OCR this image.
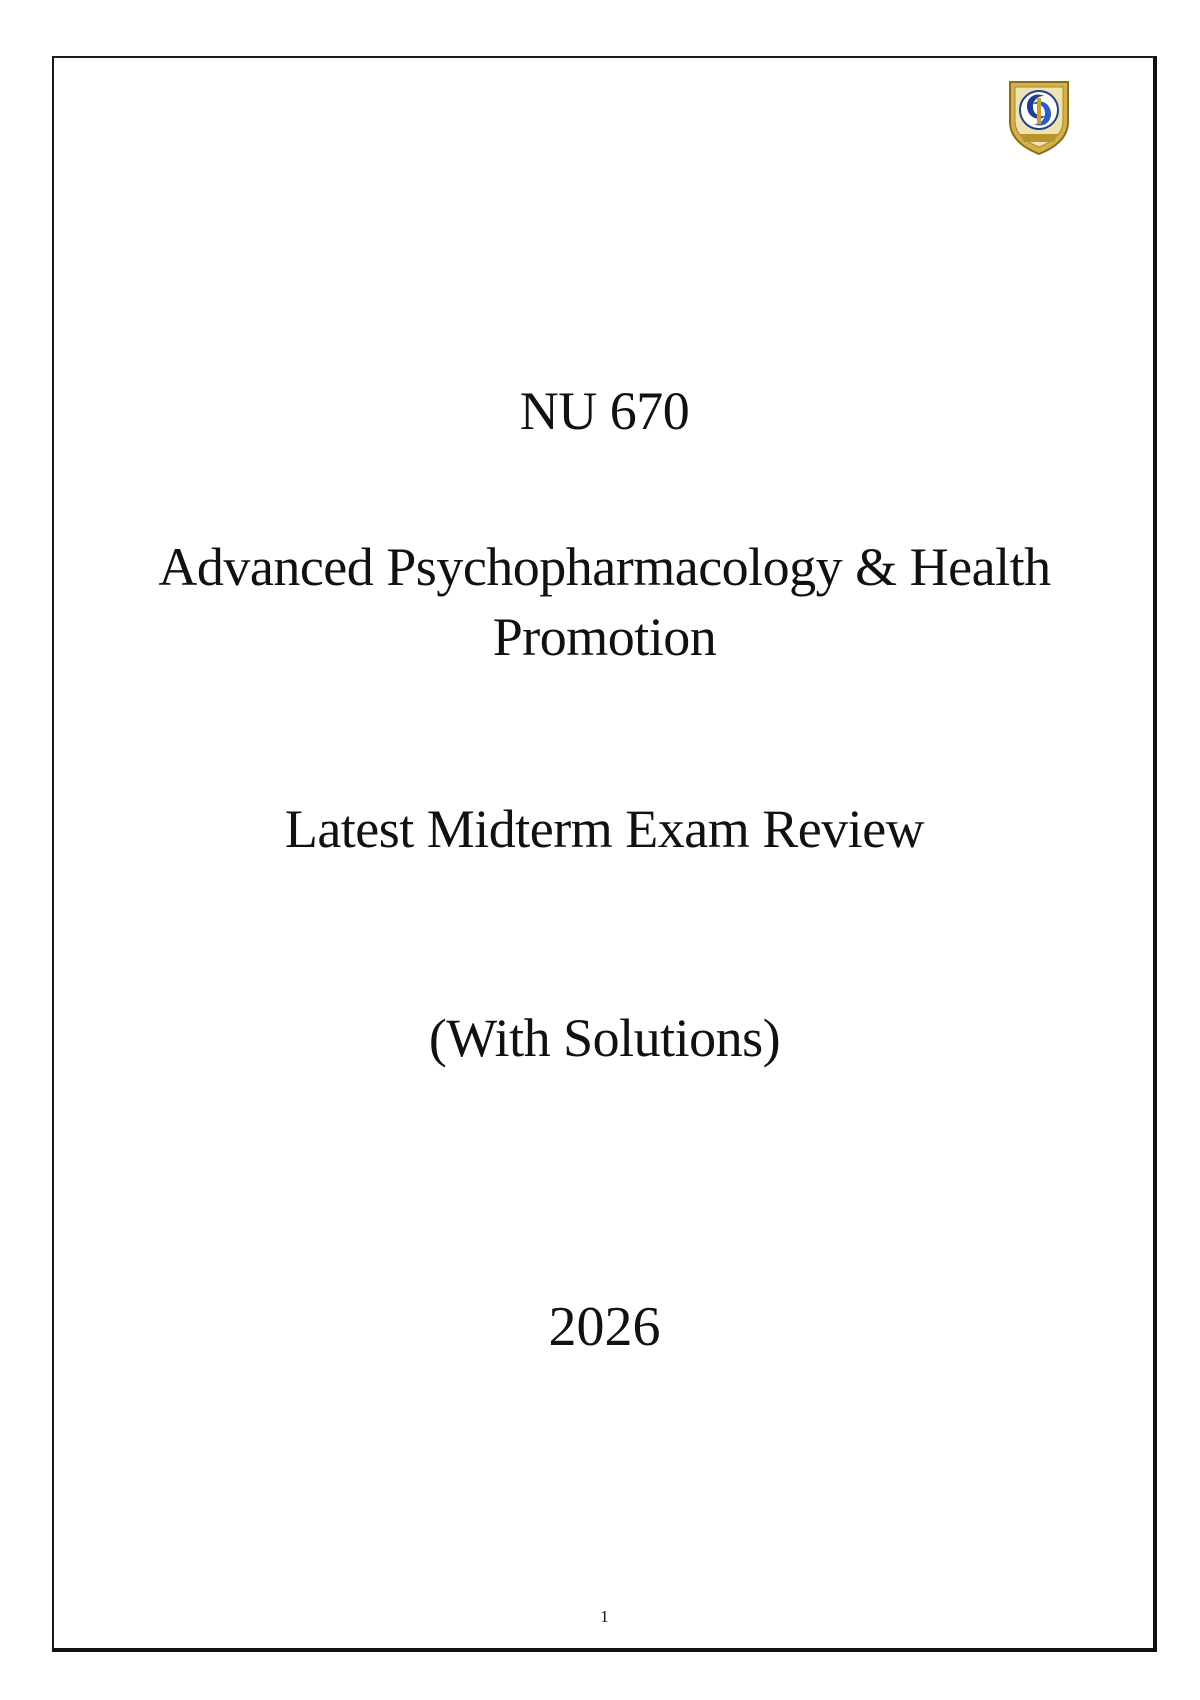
NU 670
Advanced Psychopharmacology & Health
Promotion
Latest Midterm Exam Review
(With Solutions)
2026
1
